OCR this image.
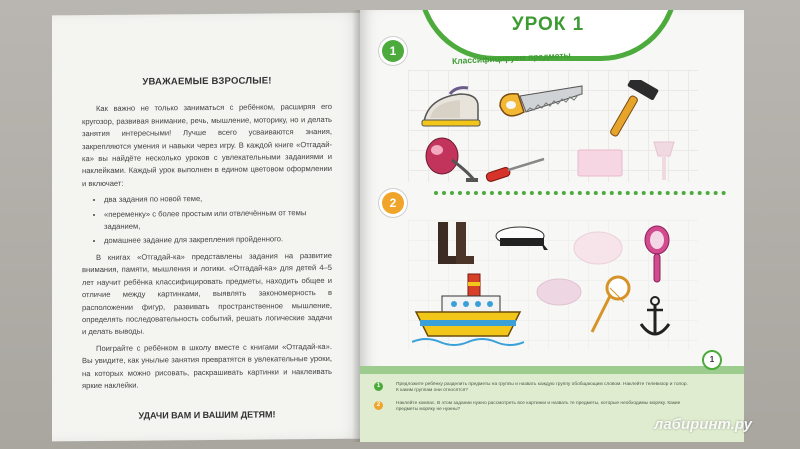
УВАЖАЕМЫЕ ВЗРОСЛЫЕ!

Как важно не только заниматься с ребёнком, расширяя его кругозор, развивая внимание, речь, мышление, моторику, но и делать занятия интересными! Лучше всего усваиваются знания, закрепляются умения и навыки через игру. В каждой книге «Отгадай-ка» вы найдёте несколько уроков с увлекательными заданиями и наклейками. Каждый урок выполнен в едином цветовом оформлении и включает:

• два задания по новой теме,
• «переменку» с более простым или отвлечённым от темы заданием,
• домашнее задание для закрепления пройденного.

В книгах «Отгадай-ка» представлены задания на развитие внимания, памяти, мышления и логики. «Отгадай-ка» для детей 4–5 лет научит ребёнка классифицировать предметы, находить общее и отличие между картинками, выявлять закономерность в расположении фигур, развивать пространственное мышление, определять последовательность событий, решать логические задачи и делать выводы.

Поиграйте с ребёнком в школу вместе с книгами «Отгадай-ка». Вы увидите, как унылые занятия превратятся в увлекательные уроки, на которых можно рисовать, раскрашивать картинки и наклеивать яркие наклейки.

УДАЧИ ВАМ И ВАШИМ ДЕТЯМ!
УРОК 1
Классифицируем предметы
1
2
1
1	Предложите ребёнку разделить предметы на группы и назвать каждую группу обобщающим словом. Наклейте телевизор и топор. К каким группам они относятся?
2	Наклейте компас. В этом задании нужно рассмотреть все картинки и назвать те предметы, которые необходимы моряку. Какие предметы моряку не нужны?
лабиринт.ру
